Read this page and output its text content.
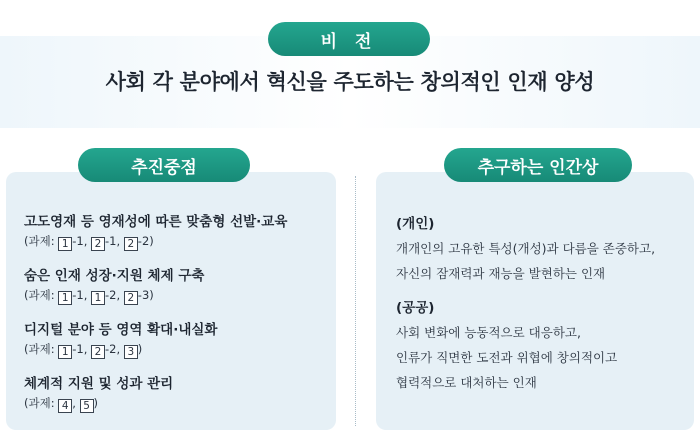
비 전
사회 각 분야에서 혁신을 주도하는 창의적인 인재 양성
고도영재 등 영재성에 따른 맞춤형 선발·교육
(과제: 1 -1, 2 -1, 2 -2)
숨은 인재 성장·지원 체제 구축
(과제: 1 -1, 1 -2, 2 -3)
디지털 분야 등 영역 확대·내실화
(과제: 1 -1, 2 -2, 3 )
체계적 지원 및 성과 관리
(과제: 4 , 5 )
추진중점
(개인)
개개인의 고유한 특성(개성)과 다름을 존중하고,
자신의 잠재력과 재능을 발현하는 인재
(공공)
사회 변화에 능동적으로 대응하고,
인류가 직면한 도전과 위협에 창의적이고
협력적으로 대처하는 인재
추구하는 인간상
